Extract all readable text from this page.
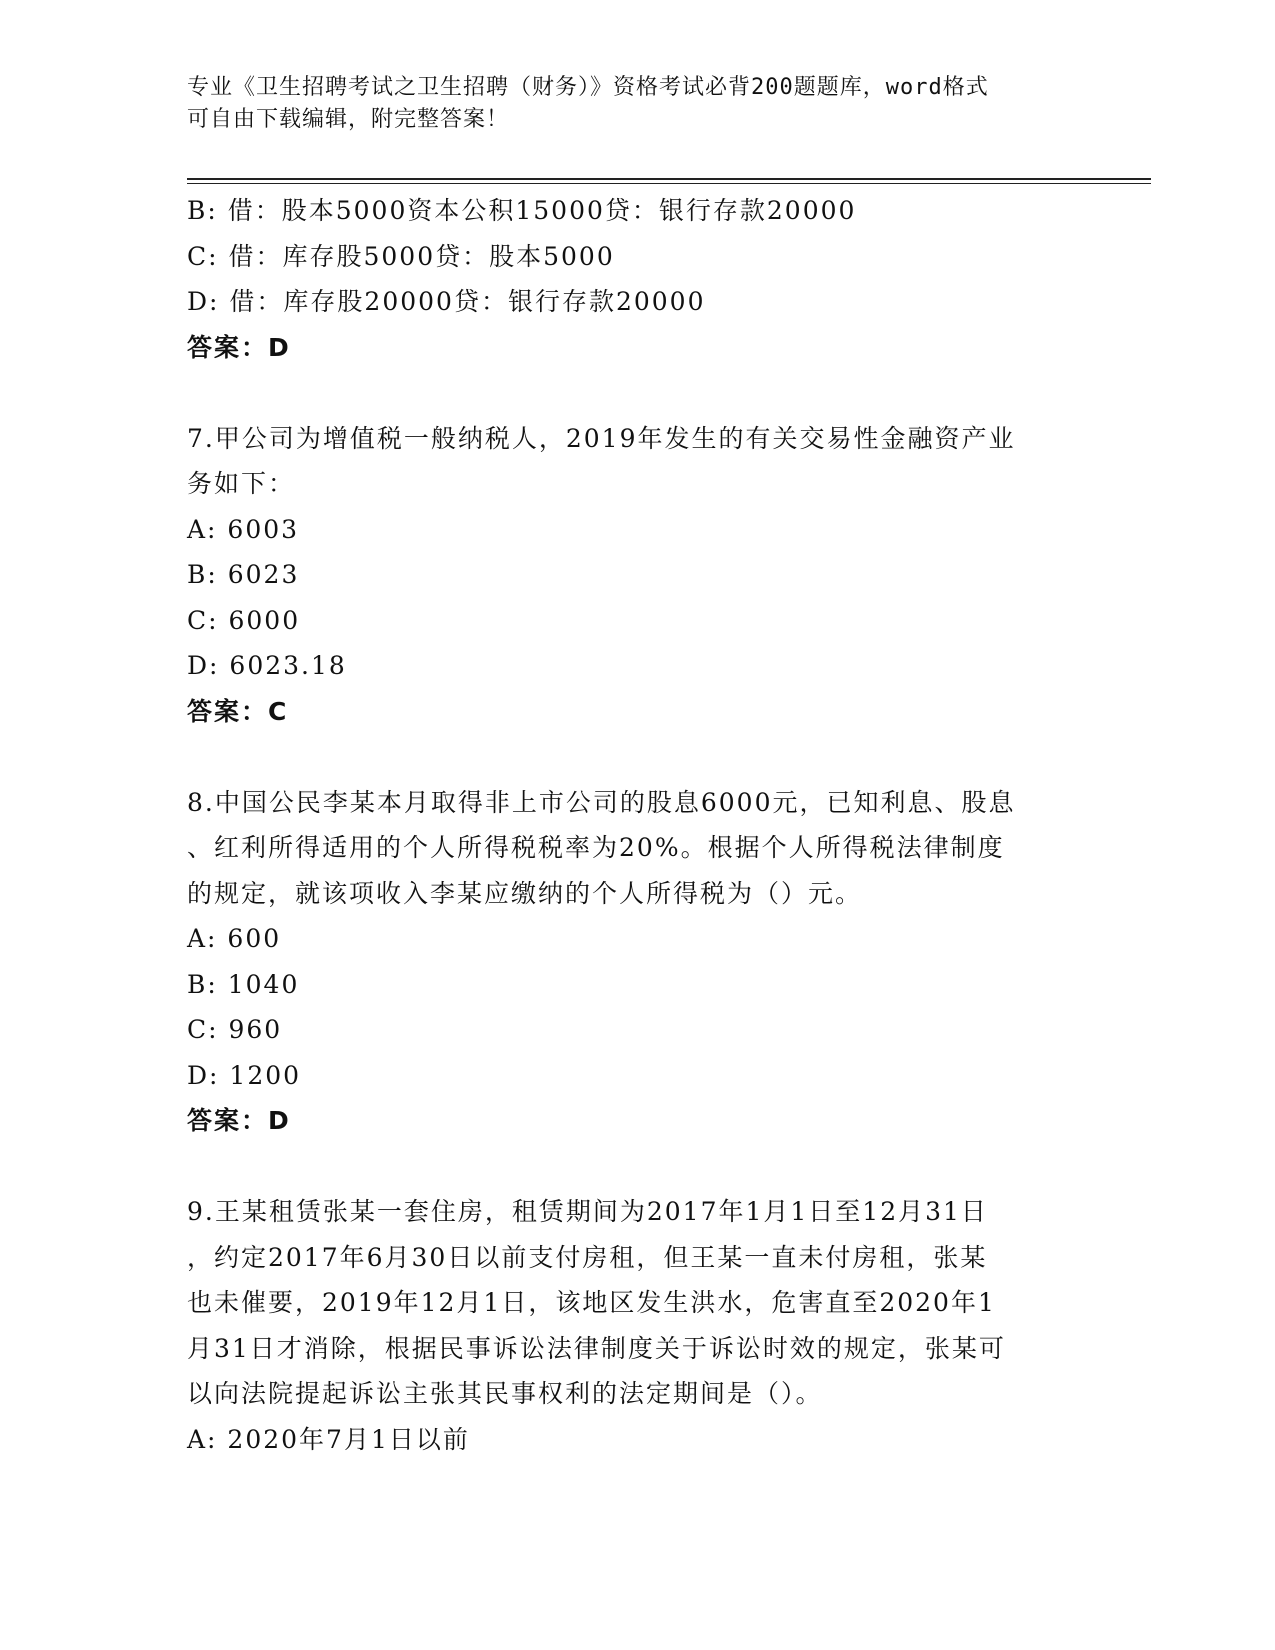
专业《卫生招聘考试之卫生招聘（财务）》资格考试必背200题题库，word格式
可自由下载编辑，附完整答案！
B: 借：股本5000资本公积15000贷：银行存款20000
C: 借：库存股5000贷：股本5000
D: 借：库存股20000贷：银行存款20000
答案：D
7.甲公司为增值税一般纳税人，2019年发生的有关交易性金融资产业
务如下：
A: 6003
B: 6023
C: 6000
D: 6023.18
答案：C
8.中国公民李某本月取得非上市公司的股息6000元，已知利息、股息
、红利所得适用的个人所得税税率为20%。根据个人所得税法律制度
的规定，就该项收入李某应缴纳的个人所得税为（）元。
A: 600
B: 1040
C: 960
D: 1200
答案：D
9.王某租赁张某一套住房，租赁期间为2017年1月1日至12月31日
，约定2017年6月30日以前支付房租，但王某一直未付房租，张某
也未催要，2019年12月1日，该地区发生洪水，危害直至2020年1
月31日才消除，根据民事诉讼法律制度关于诉讼时效的规定，张某可
以向法院提起诉讼主张其民事权利的法定期间是（）。
A: 2020年7月1日以前
